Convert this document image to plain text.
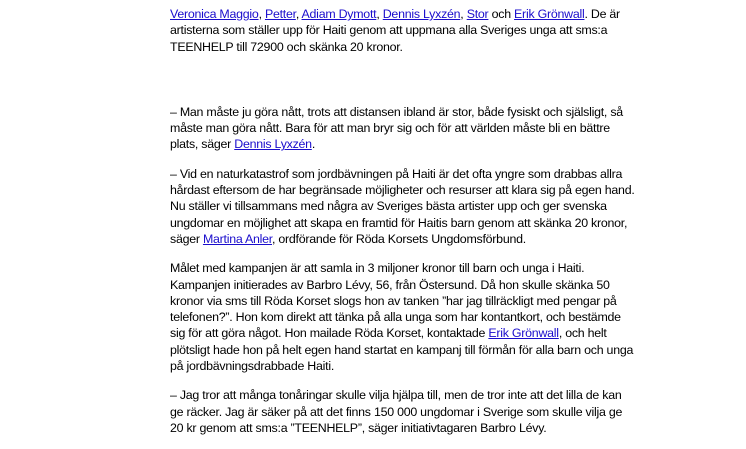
Veronica Maggio, Petter, Adiam Dymott, Dennis Lyxzén, Stor och Erik Grönwall. De är artisterna som ställer upp för Haiti genom att uppmana alla Sveriges unga att sms:a TEENHELP till 72900 och skänka 20 kronor.

– Man måste ju göra nått, trots att distansen ibland är stor, både fysiskt och själsligt, så måste man göra nått. Bara för att man bryr sig och för att världen måste bli en bättre plats, säger Dennis Lyxzén.

– Vid en naturkatastrof som jordbävningen på Haiti är det ofta yngre som drabbas allra hårdast eftersom de har begränsade möjligheter och resurser att klara sig på egen hand. Nu ställer vi tillsammans med några av Sveriges bästa artister upp och ger svenska ungdomar en möjlighet att skapa en framtid för Haitis barn genom att skänka 20 kronor, säger Martina Anler, ordförande för Röda Korsets Ungdomsförbund.

Målet med kampanjen är att samla in 3 miljoner kronor till barn och unga i Haiti. Kampanjen initierades av Barbro Lévy, 56, från Östersund. Då hon skulle skänka 50 kronor via sms till Röda Korset slogs hon av tanken ”har jag tillräckligt med pengar på telefonen?”. Hon kom direkt att tänka på alla unga som har kontantkort, och bestämde sig för att göra något. Hon mailade Röda Korset, kontaktade Erik Grönwall, och helt plötsligt hade hon på helt egen hand startat en kampanj till förmån för alla barn och unga på jordbävningsdrabbade Haiti.

– Jag tror att många tonåringar skulle vilja hjälpa till, men de tror inte att det lilla de kan ge räcker. Jag är säker på att det finns 150 000 ungdomar i Sverige som skulle vilja ge 20 kr genom att sms:a ”TEENHELP”, säger initiativtagaren Barbro Lévy.
